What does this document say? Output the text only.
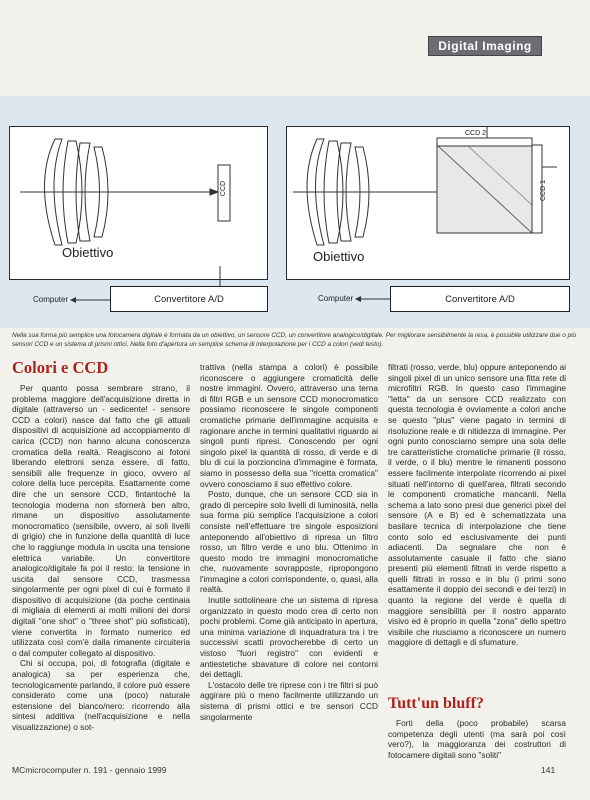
Digital Imaging
CCD
Obiettivo
Computer	Convertitore A/D
CCD 2
CCD 1
Obiettivo
Computer	Convertitore A/D
Nella sua forma più semplice una fotocamera digitale è formata da un obiettivo, un sensore CCD, un convertitore analogico/digitale. Per migliorare sensibilmente la resa, è possibile utilizzare due o più sensori CCD e un sistema di prismi ottici. Nella foto d'apertura un semplice schema di interpolazione per i CCD a colori (vedi testo).
Colori e CCD

Per quanto possa sembrare strano, il problema maggiore dell'acquisizione diretta in digitale (attraverso un - sedicente! - sensore CCD a colori) nasce dal fatto che gli attuali dispositivi di acquisizione ad accoppiamento di carica (CCD) non hanno alcuna conoscenza cromatica della realtà. Reagiscono ai fotoni liberando elettroni senza essere, di fatto, sensibili alle frequenze in gioco, ovvero al colore della luce percepita. Esattamente come dire che un sensore CCD, fintantoché la tecnologia moderna non sfornerà ben altro, rimane un dispositivo assolutamente monocromatico (sensibile, ovvero, ai soli livelli di grigio) che in funzione della quantità di luce che lo raggiunge modula in uscita una tensione elettrica variabile. Un convertitore analogico/digitale fa poi il resto: la tensione in uscita dal sensore CCD, trasmessa singolarmente per ogni pixel di cui è formato il dispositivo di acquisizione (da poche centinaia di migliaia di elementi ai molti milioni dei dorsi digitali "one shot" o "three shot" più sofisticati), viene convertita in formato numerico ed utilizzata così com'è dalla rimanente circuiteria o dal computer collegato al dispositivo.

Chi si occupa, poi, di fotografia (digitale e analogica) sa per esperienza che, tecnologicamente parlando, il colore può essere considerato come una (poco) naturale estensione del bianco/nero: ricorrendo alla sintesi additiva (nell'acquisizione e nella visualizzazione) o sot-

trattiva (nella stampa a colori) è possibile riconoscere o aggiungere cromaticità delle nostre immagini. Ovvero, attraverso una terna di filtri RGB e un sensore CCD monocromatico possiamo riconoscere le singole componenti cromatiche primarie dell'immagine acquisita e ragionare anche in termini qualitativi riguardo ai singoli punti ripresi. Conoscendo per ogni singolo pixel la quantità di rosso, di verde e di blu di cui la porzioncina d'immagine è formata, siamo in possesso della sua "ricetta cromatica" ovvero conosciamo il suo effettivo colore.

Posto, dunque, che un sensore CCD sia in grado di percepire solo livelli di luminosità, nella sua forma più semplice l'acquisizione a colori consiste nell'effettuare tre singole esposizioni anteponendo all'obiettivo di ripresa un filtro rosso, un filtro verde e uno blu. Ottenimo in questo modo tre immagini monocromatiche che, nuovamente sovrapposte, ripropongono l'immagine a colori corrispondente, o, quasi, alla realtà.

Inutile sottolineare che un sistema di ripresa organizzato in questo modo crea di certo non pochi problemi. Come già anticipato in apertura, una minima variazione di inquadratura tra i tre successivi scatti provocherebbe di certo un vistoso "fuori registro" con evidenti e antiestetiche sbavature di colore nei contorni dei dettagli.

L'ostacolo delle tre riprese con i tre filtri si può aggirare più o meno facilmente utilizzando un sistema di prismi ottici e tre sensori CCD singolarmente

filtrati (rosso, verde, blu) oppure anteponendo ai singoli pixel di un unico sensore una fitta rete di microfiltri RGB. In questo caso l'immagine "letta" da un sensore CCD realizzato con questa tecnologia è ovviamente a colori anche se questo "plus" viene pagato in termini di risoluzione reale e di nitidezza di immagine. Per ogni punto conosciamo sempre una sola delle tre caratteristiche cromatiche primarie (il rosso, il verde, o il blu) mentre le rimanenti possono essere facilmente interpolate ricorrendo ai pixel situati nell'intorno di quell'area, filtrati secondo le componenti cromatiche mancanti. Nella schema a lato sono presi due generici pixel del sensore (A e B) ed è schematizzata una basilare tecnica di interpolazione che tiene conto solo ed esclusivamente dei punti adiacenti. Da segnalare che non è assolutamente casuale il fatto che siano presenti più elementi filtrati in verde rispetto a quelli filtrati in rosso e in blu (i primi sono esattamente il doppio dei secondi e dei terzi) in quanto la regione del verde è quella di maggiore sensibilità per il nostro apparato visivo ed è proprio in quella "zona" dello spettro visibile che riusciamo a riconoscere un numero maggiore di dettagli e di sfumature.

Tutt'un bluff?

Forti della (poco probabile) scarsa competenza degli utenti (ma sarà poi così vero?), la maggioranza dei costruttori di fotocamere digitali sono "soliti"

MCmicrocomputer n. 191 - gennaio 1999	141
